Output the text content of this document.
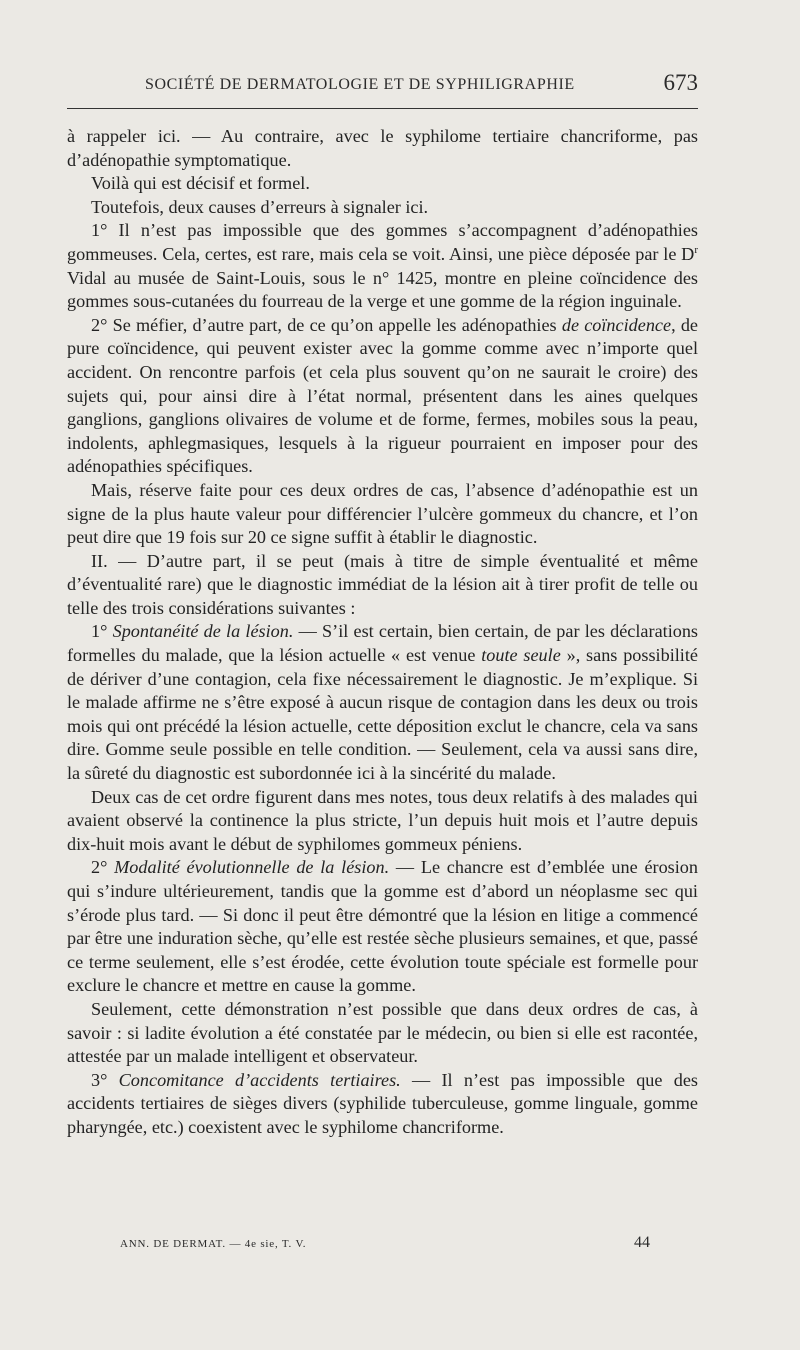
SOCIÉTÉ DE DERMATOLOGIE ET DE SYPHILIGRAPHIE	673

à rappeler ici. — Au contraire, avec le syphilome tertiaire chancriforme, pas d’adénopathie symptomatique.

Voilà qui est décisif et formel.

Toutefois, deux causes d’erreurs à signaler ici.

1° Il n’est pas impossible que des gommes s’accompagnent d’adénopathies gommeuses. Cela, certes, est rare, mais cela se voit. Ainsi, une pièce déposée par le $D^r$ Vidal au musée de Saint-Louis, sous le n° 1425, montre en pleine coïncidence des gommes sous-cutanées du fourreau de la verge et une gomme de la région inguinale.

2° Se méfier, d’autre part, de ce qu’on appelle les adénopathies de coïncidence, de pure coïncidence, qui peuvent exister avec la gomme comme avec n’importe quel accident. On rencontre parfois (et cela plus souvent qu’on ne saurait le croire) des sujets qui, pour ainsi dire à l’état normal, présentent dans les aines quelques ganglions, ganglions olivaires de volume et de forme, fermes, mobiles sous la peau, indolents, aphlegmasiques, lesquels à la rigueur pourraient en imposer pour des adénopathies spécifiques.

Mais, réserve faite pour ces deux ordres de cas, l’absence d’adénopathie est un signe de la plus haute valeur pour différencier l’ulcère gommeux du chancre, et l’on peut dire que 19 fois sur 20 ce signe suffit à établir le diagnostic.

II. — D’autre part, il se peut (mais à titre de simple éventualité et même d’éventualité rare) que le diagnostic immédiat de la lésion ait à tirer profit de telle ou telle des trois considérations suivantes :

1° Spontanéité de la lésion. — S’il est certain, bien certain, de par les déclarations formelles du malade, que la lésion actuelle « est venue toute seule », sans possibilité de dériver d’une contagion, cela fixe nécessairement le diagnostic. Je m’explique. Si le malade affirme ne s’être exposé à aucun risque de contagion dans les deux ou trois mois qui ont précédé la lésion actuelle, cette déposition exclut le chancre, cela va sans dire. Gomme seule possible en telle condition. — Seulement, cela va aussi sans dire, la sûreté du diagnostic est subordonnée ici à la sincérité du malade.

Deux cas de cet ordre figurent dans mes notes, tous deux relatifs à des malades qui avaient observé la continence la plus stricte, l’un depuis huit mois et l’autre depuis dix-huit mois avant le début de syphilomes gommeux péniens.

2° Modalité évolutionnelle de la lésion. — Le chancre est d’emblée une érosion qui s’indure ultérieurement, tandis que la gomme est d’abord un néoplasme sec qui s’érode plus tard. — Si donc il peut être démontré que la lésion en litige a commencé par être une induration sèche, qu’elle est restée sèche plusieurs semaines, et que, passé ce terme seulement, elle s’est érodée, cette évolution toute spéciale est formelle pour exclure le chancre et mettre en cause la gomme.

Seulement, cette démonstration n’est possible que dans deux ordres de cas, à savoir : si ladite évolution a été constatée par le médecin, ou bien si elle est racontée, attestée par un malade intelligent et observateur.

3° Concomitance d’accidents tertiaires. — Il n’est pas impossible que des accidents tertiaires de sièges divers (syphilide tuberculeuse, gomme linguale, gomme pharyngée, etc.) coexistent avec le syphilome chancriforme.

ANN. DE DERMAT. — 4e sie, T. V.	44
